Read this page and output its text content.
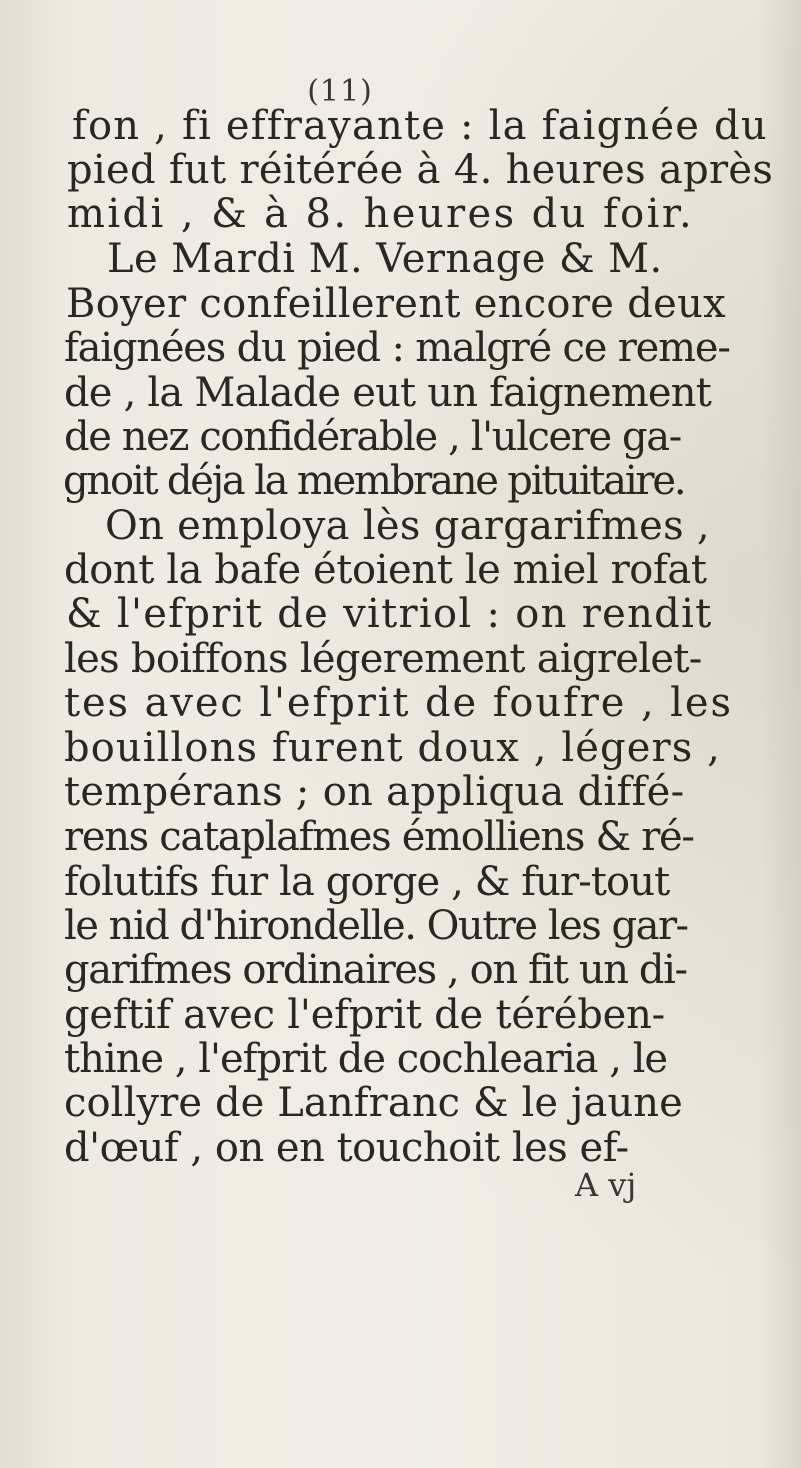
(11)
fon , fi effrayante : la faignée du
pied fut réitérée à 4. heures après
midi , & à 8. heures du foir.
Le Mardi M. Vernage & M.
Boyer confeillerent encore deux
faignées du pied : malgré ce reme-
de , la Malade eut un faignement
de nez confidérable , l'ulcere ga-
gnoit déja la membrane pituitaire.
On employa lès gargarifmes ,
dont la bafe étoient le miel rofat
& l'efprit de vitriol : on rendit
les boiffons légerement aigrelet-
tes avec l'efprit de foufre , les
bouillons furent doux , légers ,
tempérans ; on appliqua diffé-
rens cataplafmes émolliens & ré-
folutifs fur la gorge , & fur-tout
le nid d'hirondelle. Outre les gar-
garifmes ordinaires , on fit un di-
geftif avec l'efprit de térében-
thine , l'efprit de cochlearia , le
collyre de Lanfranc & le jaune
d'œuf , on en touchoit les ef-
A vj
